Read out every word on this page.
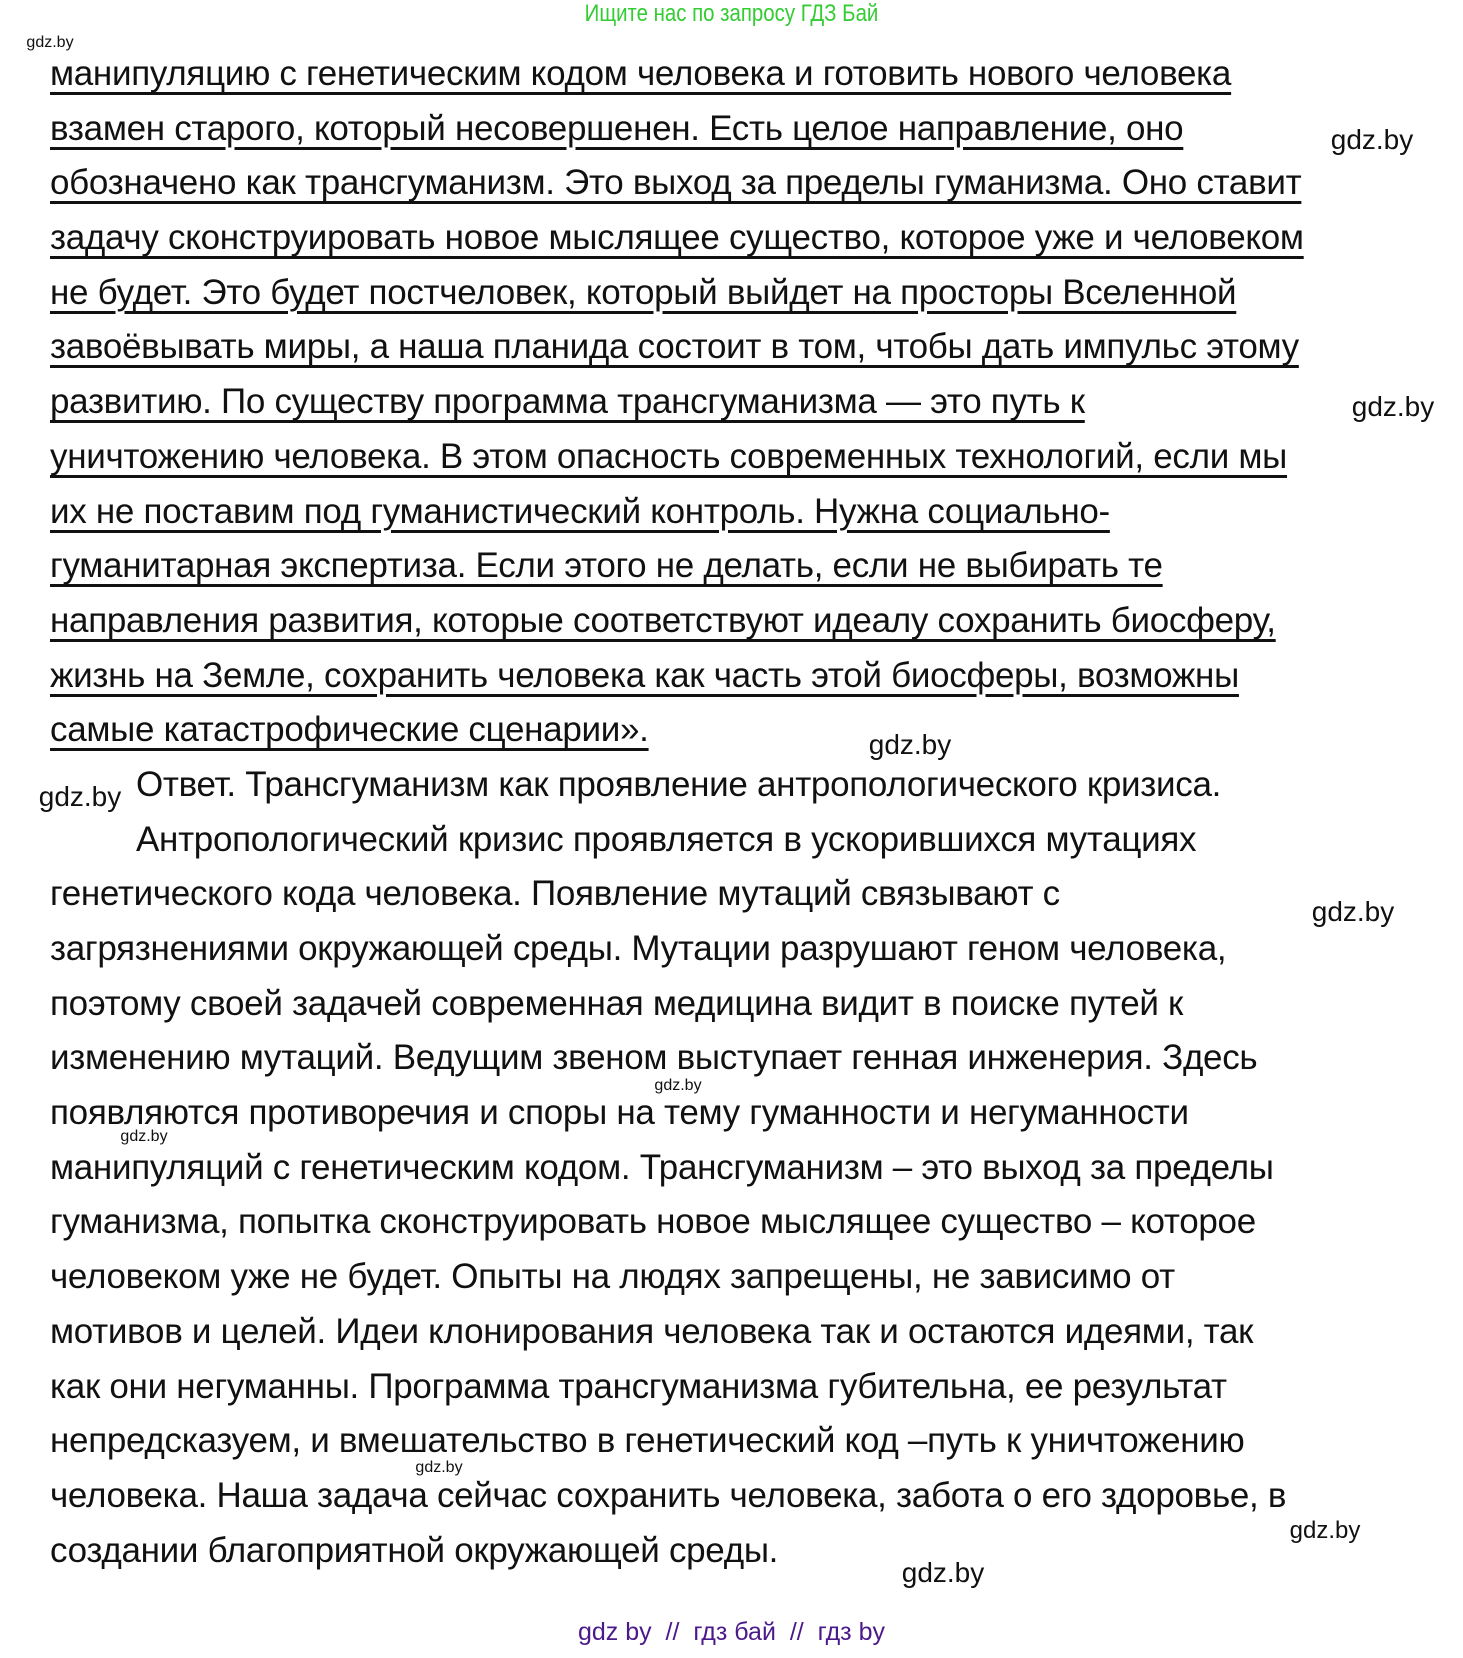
Ищите нас по запросу ГДЗ Бай
манипуляцию с генетическим кодом человека и готовить нового человека
взамен старого, который несовершенен. Есть целое направление, оно
обозначено как трансгуманизм. Это выход за пределы гуманизма. Оно ставит
задачу сконструировать новое мыслящее существо, которое уже и человеком
не будет. Это будет постчеловек, который выйдет на просторы Вселенной
завоёвывать миры, а наша планида состоит в том, чтобы дать импульс этому
развитию. По существу программа трансгуманизма — это путь к
уничтожению человека. В этом опасность современных технологий, если мы
их не поставим под гуманистический контроль. Нужна социально-
гуманитарная экспертиза. Если этого не делать, если не выбирать те
направления развития, которые соответствуют идеалу сохранить биосферу,
жизнь на Земле, сохранить человека как часть этой биосферы, возможны
самые катастрофические сценарии».
Ответ. Трансгуманизм как проявление антропологического кризиса.
Антропологический кризис проявляется в ускорившихся мутациях
генетического кода человека. Появление мутаций связывают с
загрязнениями окружающей среды. Мутации разрушают геном человека,
поэтому своей задачей современная медицина видит в поиске путей к
изменению мутаций. Ведущим звеном выступает генная инженерия. Здесь
появляются противоречия и споры на тему гуманности и негуманности
манипуляций с генетическим кодом. Трансгуманизм – это выход за пределы
гуманизма, попытка сконструировать новое мыслящее существо – которое
человеком уже не будет. Опыты на людях запрещены, не зависимо от
мотивов и целей. Идеи клонирования человека так и остаются идеями, так
как они негуманны. Программа трансгуманизма губительна, ее результат
непредсказуем, и вмешательство в генетический код –путь к уничтожению
человека. Наша задача сейчас сохранить человека, забота о его здоровье, в
создании благоприятной окружающей среды.
gdz.by
gdz.by
gdz.by
gdz.by
gdz.by
gdz.by
gdz.by
gdz.by
gdz.by
gdz.by
gdz.by
gdz by  //  гдз бай  //  гдз by
